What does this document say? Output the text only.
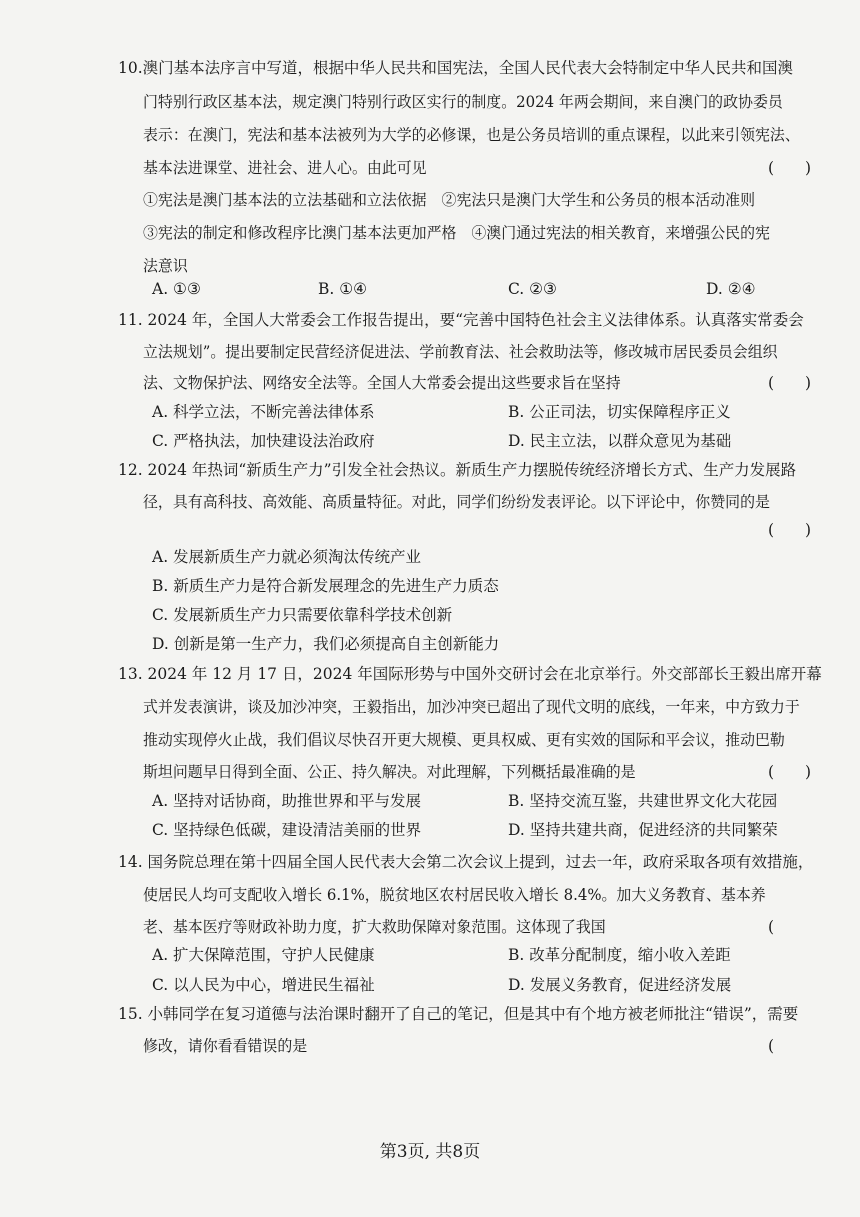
10.澳门基本法序言中写道，根据中华人民共和国宪法，全国人民代表大会特制定中华人民共和国澳
门特别行政区基本法，规定澳门特别行政区实行的制度。2024 年两会期间，来自澳门的政协委员
表示：在澳门，宪法和基本法被列为大学的必修课，也是公务员培训的重点课程，以此来引领宪法、
基本法进课堂、进社会、进人心。由此可见	(　　)
①宪法是澳门基本法的立法基础和立法依据　②宪法只是澳门大学生和公务员的根本活动准则
③宪法的制定和修改程序比澳门基本法更加严格　④澳门通过宪法的相关教育，来增强公民的宪
法意识
A. ①③	B. ①④	C. ②③	D. ②④
11. 2024 年，全国人大常委会工作报告提出，要“完善中国特色社会主义法律体系。认真落实常委会
立法规划”。提出要制定民营经济促进法、学前教育法、社会救助法等，修改城市居民委员会组织
法、文物保护法、网络安全法等。全国人大常委会提出这些要求旨在坚持	(　　)
A. 科学立法，不断完善法律体系	B. 公正司法，切实保障程序正义
C. 严格执法，加快建设法治政府	D. 民主立法，以群众意见为基础
12. 2024 年热词“新质生产力”引发全社会热议。新质生产力摆脱传统经济增长方式、生产力发展路
径，具有高科技、高效能、高质量特征。对此，同学们纷纷发表评论。以下评论中，你赞同的是
(　　)
A. 发展新质生产力就必须淘汰传统产业
B. 新质生产力是符合新发展理念的先进生产力质态
C. 发展新质生产力只需要依靠科学技术创新
D. 创新是第一生产力，我们必须提高自主创新能力
13. 2024 年 12 月 17 日，2024 年国际形势与中国外交研讨会在北京举行。外交部部长王毅出席开幕
式并发表演讲，谈及加沙冲突，王毅指出，加沙冲突已超出了现代文明的底线，一年来，中方致力于
推动实现停火止战，我们倡议尽快召开更大规模、更具权威、更有实效的国际和平会议，推动巴勒
斯坦问题早日得到全面、公正、持久解决。对此理解，下列概括最准确的是	(　　)
A. 坚持对话协商，助推世界和平与发展	B. 坚持交流互鉴，共建世界文化大花园
C. 坚持绿色低碳，建设清洁美丽的世界	D. 坚持共建共商，促进经济的共同繁荣
14. 国务院总理在第十四届全国人民代表大会第二次会议上提到，过去一年，政府采取各项有效措施，
使居民人均可支配收入增长 6.1%，脱贫地区农村居民收入增长 8.4%。加大义务教育、基本养
老、基本医疗等财政补助力度，扩大救助保障对象范围。这体现了我国	(
A. 扩大保障范围，守护人民健康	B. 改革分配制度，缩小收入差距
C. 以人民为中心，增进民生福祉	D. 发展义务教育，促进经济发展
15. 小韩同学在复习道德与法治课时翻开了自己的笔记，但是其中有个地方被老师批注“错误”，需要
修改，请你看看错误的是	(
第3页, 共8页
